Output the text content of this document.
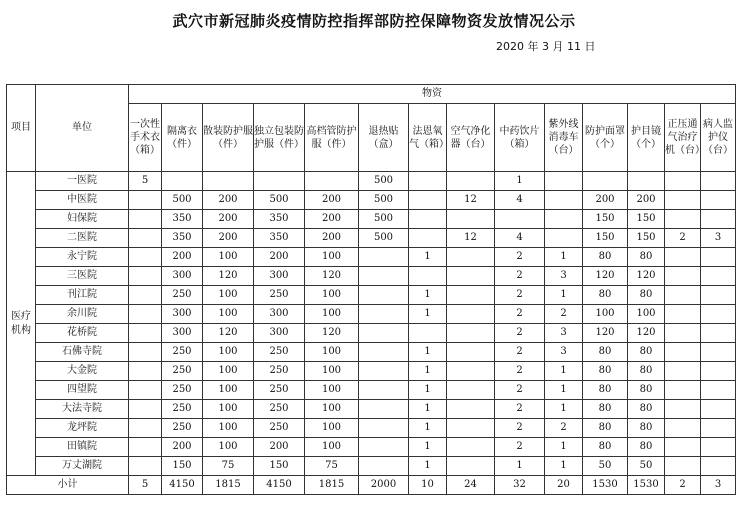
武穴市新冠肺炎疫情防控指挥部防控保障物资发放情况公示
2020 年 3 月 11 日
项目	单位	物资													
		一次性手术衣（箱）	隔离衣（件）	散装防护服（件）	独立包装防护服（件）	高档管防护服（件）	退热贴（盒）	法恩氧气（箱）	空气净化器（台）	中药饮片（箱）	紫外线消毒车（台）	防护面罩（个）	护目镜（个）	正压通气治疗机（台）	病人监护仪（台）
医疗机构	一医院	5					500			1					
	中医院		500	200	500	200	500		12	4		200	200		
	妇保院		350	200	350	200	500					150	150		
	二医院		350	200	350	200	500		12	4		150	150	2	3
	永宁院		200	100	200	100		1		2	1	80	80		
	三医院		300	120	300	120				2	3	120	120		
	刊江院		250	100	250	100		1		2	1	80	80		
	余川院		300	100	300	100		1		2	2	100	100		
	花桥院		300	120	300	120				2	3	120	120		
	石佛寺院		250	100	250	100		1		2	3	80	80		
	大金院		250	100	250	100		1		2	1	80	80		
	四望院		250	100	250	100		1		2	1	80	80		
	大法寺院		250	100	250	100		1		2	1	80	80		
	龙坪院		250	100	250	100		1		2	2	80	80		
	田镇院		200	100	200	100		1		2	1	80	80		
	万丈湖院		150	75	150	75		1		1	1	50	50		
小计		5	4150	1815	4150	1815	2000	10	24	32	20	1530	1530	2	3
